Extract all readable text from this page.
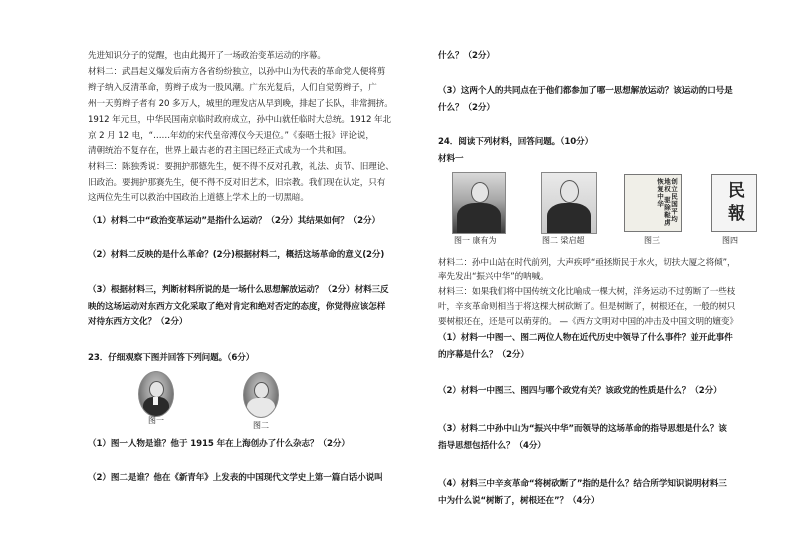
先进知识分子的觉醒，也由此揭开了一场政治变革运动的序幕。
材料二：武昌起义爆发后南方各省纷纷独立，以孙中山为代表的革命党人便将剪
辫子纳入反清革命，剪辫子成为一股风潮。广东光复后，人们自觉剪辫子，广
州一天剪辫子者有 20 多万人，城里的理发店从早到晚，排起了长队，非常拥挤。
1912 年元旦，中华民国南京临时政府成立，孙中山就任临时大总统。1912 年北
京 2 月 12 电，“……年幼的宋代皇帝溥仪今天退位。”《泰晤士报》评论说，
清朝统治不复存在，世界上最古老的君主国已经正式成为一个共和国。
材料三：陈独秀说：要拥护那德先生，便不得不反对孔教，礼法、贞节、旧理论、
旧政治。要拥护那赛先生，便不得不反对旧艺术，旧宗教。我们现在认定，只有
这两位先生可以救治中国政治上道德上学术上的一切黑暗。
（1）材料二中“政治变革运动”是指什么运动？（2分）其结果如何？（2分）
（2）材料二反映的是什么革命？(2分)根据材料二，概括这场革命的意义(2分)
（3）根据材料三，判断材料所说的是一场什么思想解放运动？（2分）材料三反
映的这场运动对东西方文化采取了绝对肯定和绝对否定的态度，你觉得应该怎样
对待东西方文化？（2分）
23．仔细观察下图并回答下列问题。（6分）
图一
图二
（1）图一人物是谁？他于 1915 年在上海创办了什么杂志？（2分）
（2）图二是谁？他在《新青年》上发表的中国现代文学史上第一篇白话小说叫
什么？（2分）
（3）这两个人的共同点在于他们都参加了哪一思想解放运动？该运动的口号是
什么？（2分）
24．阅读下列材料，回答问题。（10分）
材料一
图一 康有为	图二 梁启超
创立民国平均地权 驱除鞑虏恢复中华
图三
民 報
图四
材料二：孙中山站在时代前列，大声疾呼“亟拯斯民于水火，切扶大厦之将倾”，
率先发出“振兴中华”的呐喊。
材料三：如果我们将中国传统文化比喻成一棵大树，洋务运动不过剪断了一些枝
叶，辛亥革命则相当于将这棵大树砍断了。但是树断了，树根还在，一般的树只
要树根还在，还是可以萌芽的。 —《西方文明对中国的冲击及中国文明的嬗变》
（1）材料一中图一、图二两位人物在近代历史中领导了什么事件？並开此事件
的序幕是什么？（2分）
（2）材料一中图三、图四与哪个政党有关？该政党的性质是什么？（2分）
（3）材料二中孙中山为“振兴中华”而领导的这场革命的指导思想是什么？该
指导思想包括什么？（4分）
（4）材料三中辛亥革命“将树砍断了”指的是什么？结合所学知识说明材料三
中为什么说“树断了，树根还在”？（4分）
